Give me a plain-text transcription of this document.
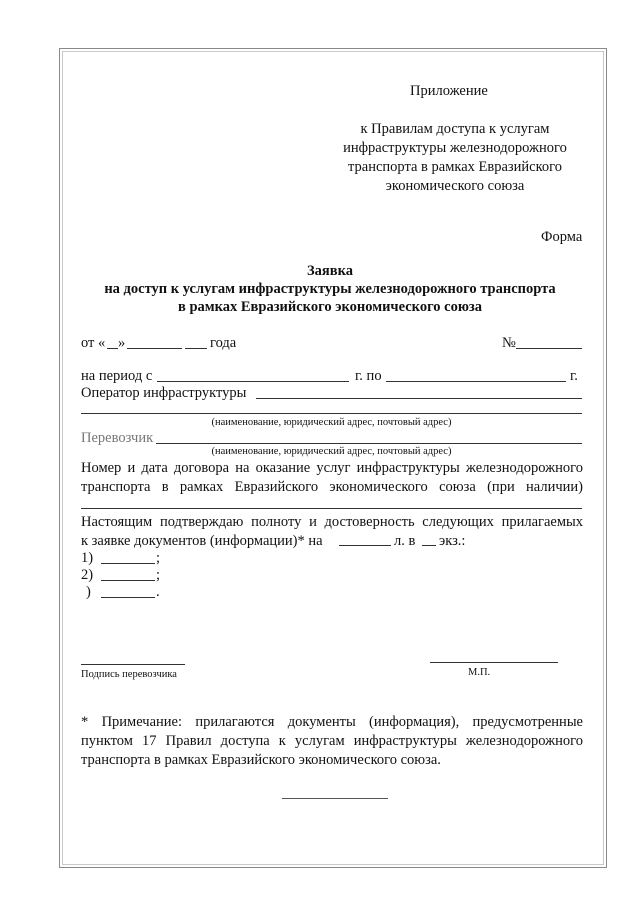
Приложение
к Правилам доступа к услугам
инфраструктуры железнодорожного
транспорта в рамках Евразийского
экономического союза
Форма
Заявка
на доступ к услугам инфраструктуры железнодорожного транспорта
в рамках Евразийского экономического союза
от « »	года	№
на период с	г. по	г.
Оператор инфраструктуры
(наименование, юридический адрес, почтовый адрес)
Перевозчик
(наименование, юридический адрес, почтовый адрес)
Номер и дата договора на оказание услуг инфраструктуры железнодорожного
транспорта в рамках Евразийского экономического союза (при наличии)
Настоящим подтверждаю полноту и достоверность следующих прилагаемых
к заявке документов (информации)* на	л. в экз.:
1)	;
2)	;
)	.
Подпись перевозчика	М.П.
* Примечание: прилагаются документы (информация), предусмотренные
пунктом 17 Правил доступа к услугам инфраструктуры железнодорожного
транспорта в рамках Евразийского экономического союза.
